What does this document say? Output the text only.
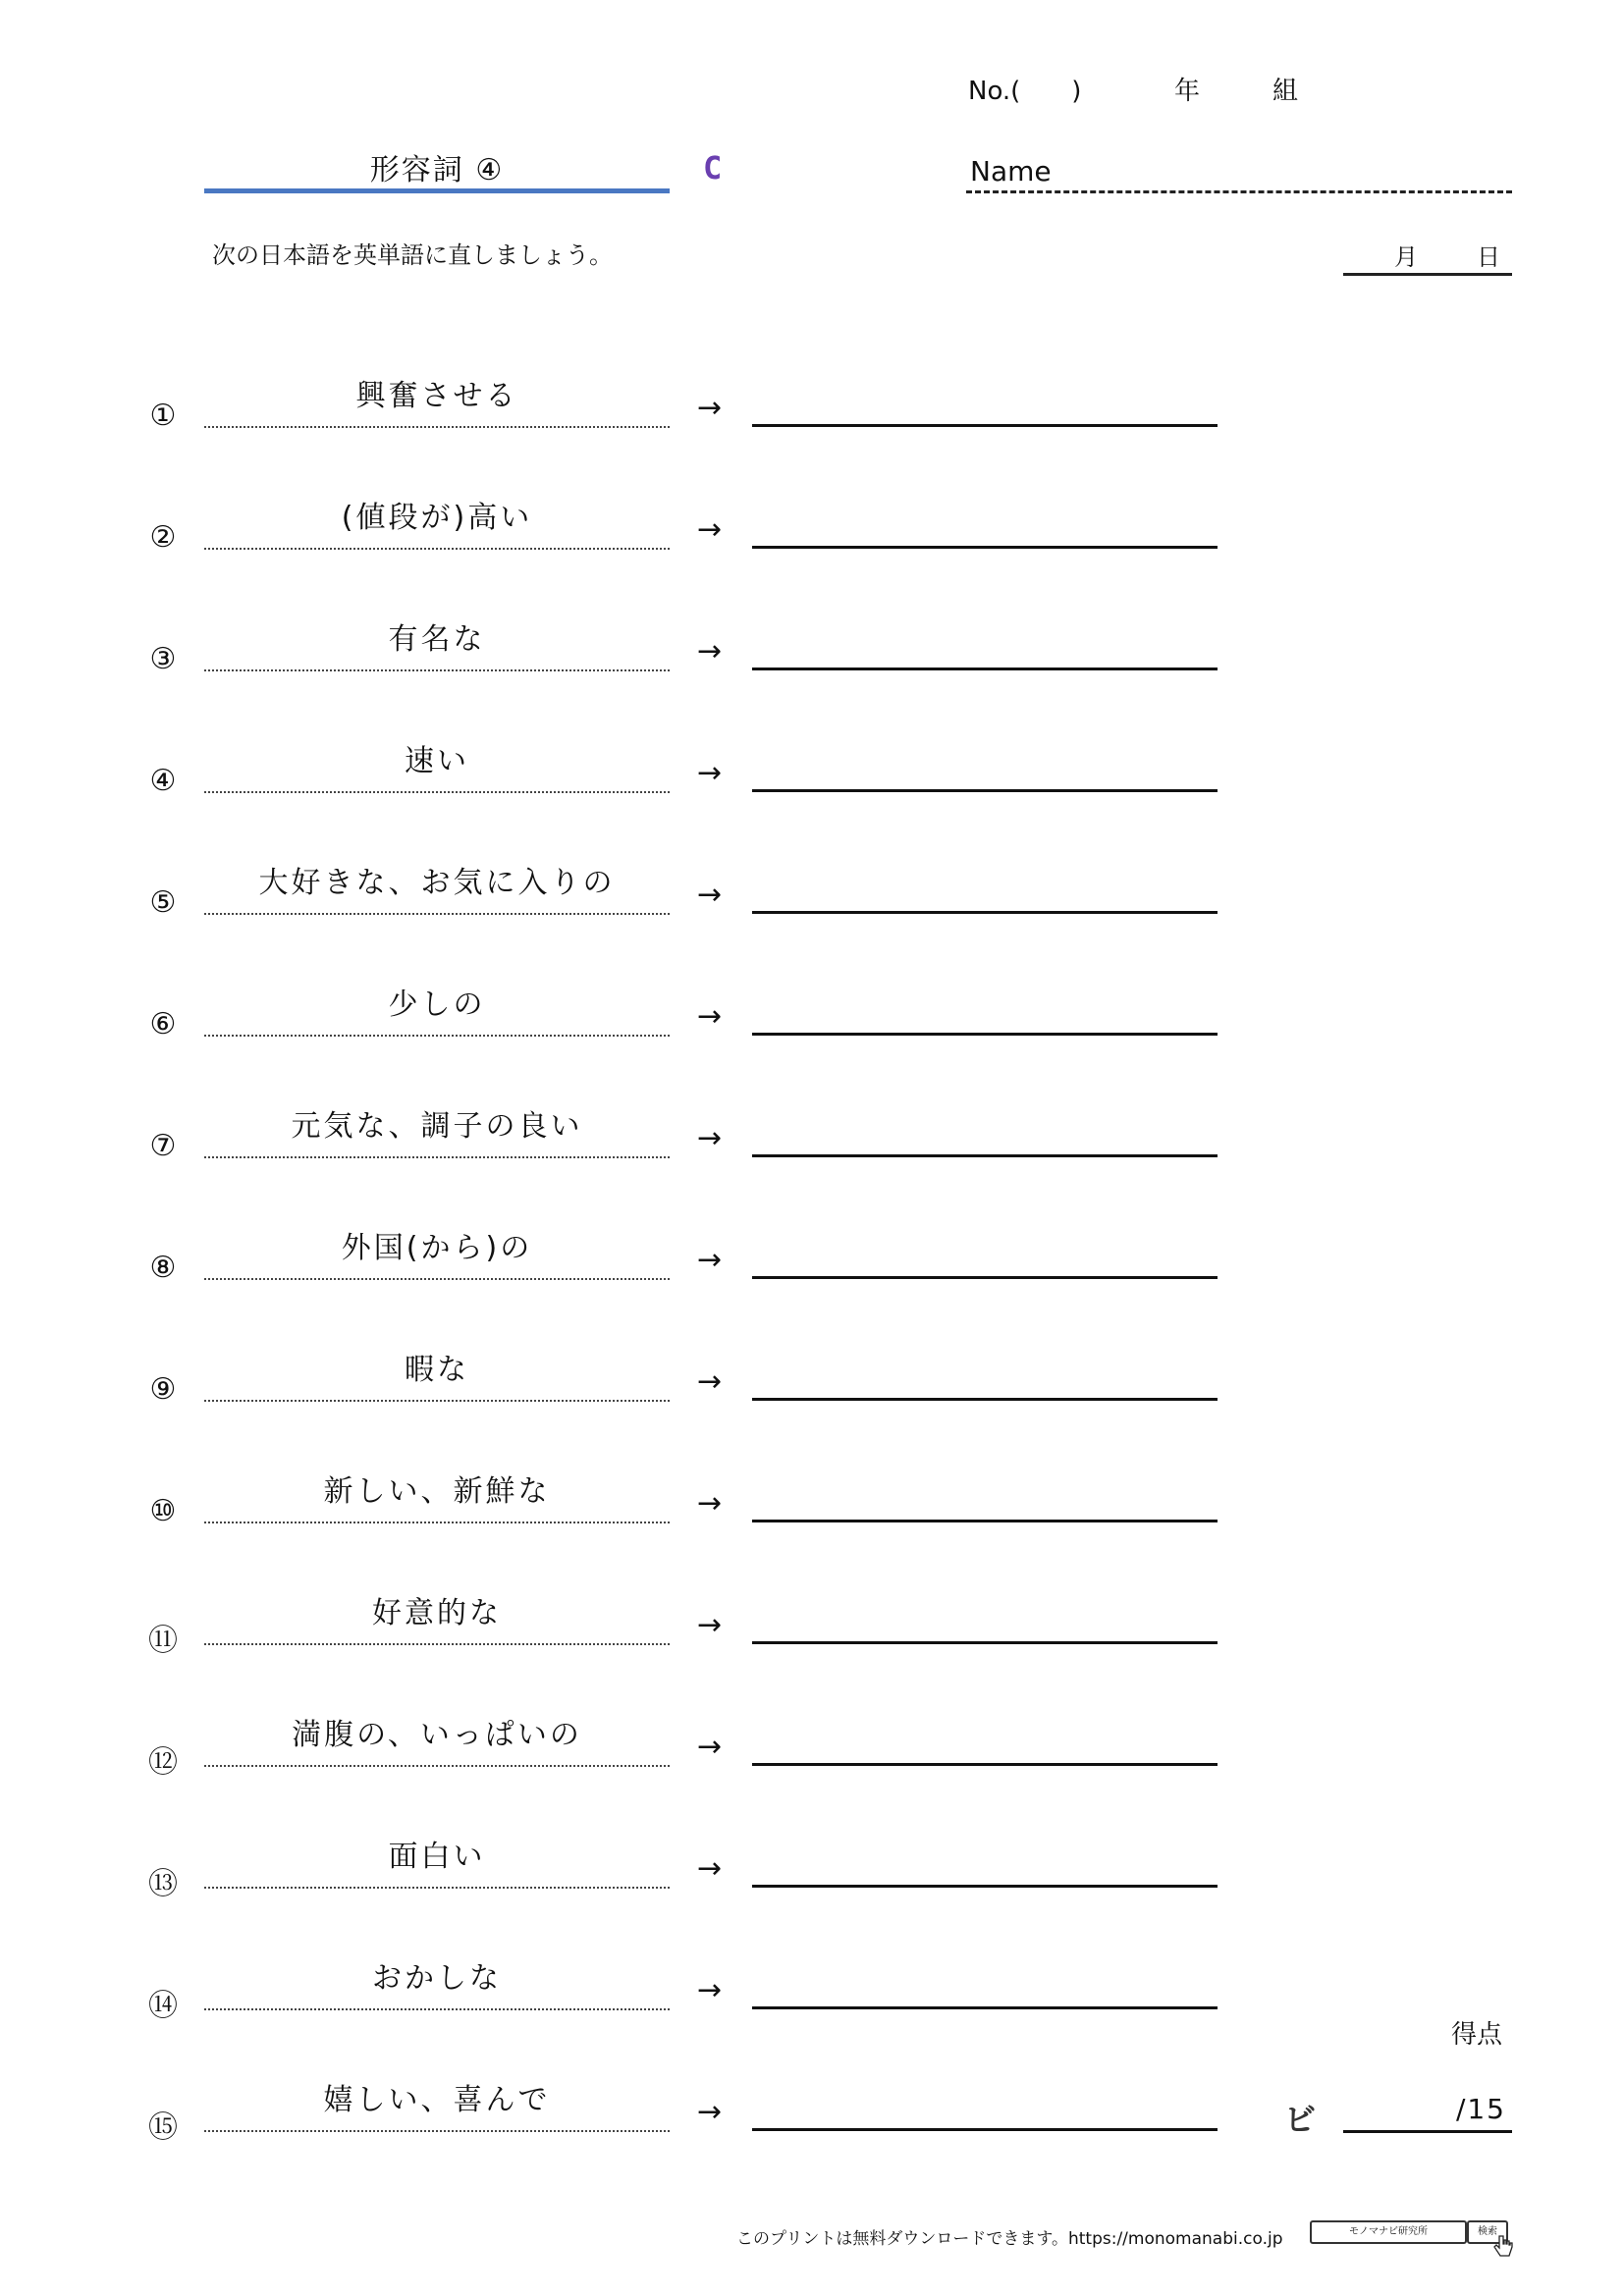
No.(　　)	年	組
形容詞 ④	C	Name
次の日本語を英単語に直しましょう。	月	日
①
興奮させる	→
②
(値段が)高い	→
③
有名な	→
④
速い	→
⑤
大好きな、お気に入りの	→
⑥
少しの	→
⑦
元気な、調子の良い	→
⑧
外国(から)の	→
⑨
暇な	→
⑩
新しい、新鮮な	→
⑪
好意的な	→
⑫
満腹の、いっぱいの	→
⑬
面白い	→
⑭
おかしな	→
⑮
嬉しい、喜んで	→
得点
ビ	/15
このプリントは無料ダウンロードできます。https://monomanabi.co.jp	モノマナビ研究所	検索
